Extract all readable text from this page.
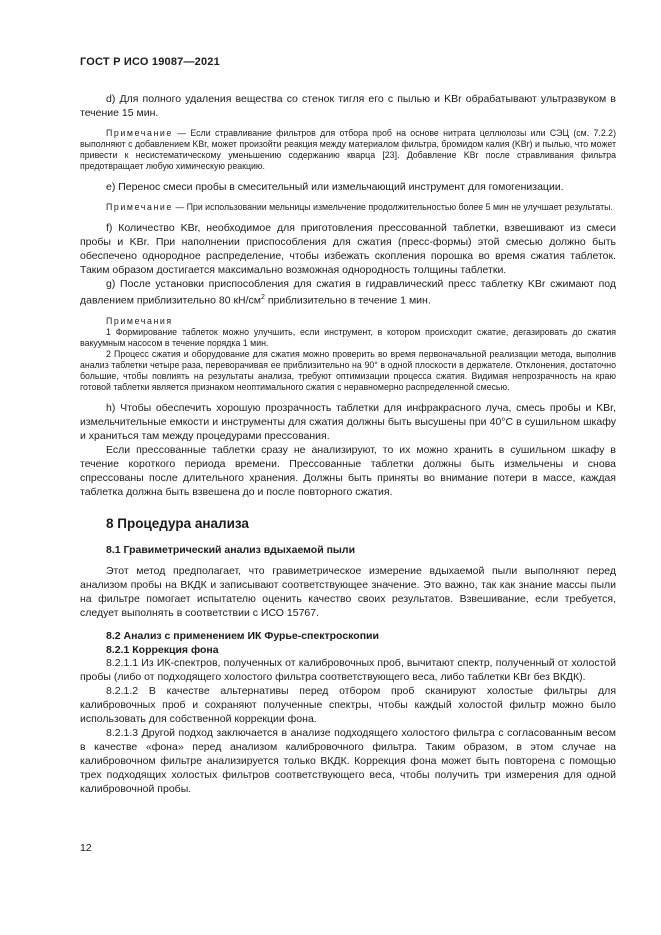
ГОСТ Р ИСО 19087—2021

d) Для полного удаления вещества со стенок тигля его с пылью и KBr обрабатывают ультразвуком в течение 15 мин.

Примечание — Если стравливание фильтров для отбора проб на основе нитрата целлюлозы или СЭЦ (см. 7.2.2) выполняют с добавлением KBr, может произойти реакция между материалом фильтра, бромидом калия (KBr) и пылью, что может привести к несистематическому уменьшению содержанию кварца [23]. Добавление KBr после стравливания фильтра предотвращает любую химическую реакцию.

e) Перенос смеси пробы в смесительный или измельчающий инструмент для гомогенизации.

Примечание — При использовании мельницы измельчение продолжительностью более 5 мин не улучшает результаты.

f) Количество KBr, необходимое для приготовления прессованной таблетки, взвешивают из смеси пробы и KBr. При наполнении приспособления для сжатия (пресс-формы) этой смесью должно быть обеспечено однородное распределение, чтобы избежать скопления порошка во время сжатия таблеток. Таким образом достигается максимально возможная однородность толщины таблетки.

g) После установки приспособления для сжатия в гидравлический пресс таблетку KBr сжимают под давлением приблизительно 80 $кН/см^2$ приблизительно в течение 1 мин.

Примечания

1 Формирование таблеток можно улучшить, если инструмент, в котором происходит сжатие, дегазировать до сжатия вакуумным насосом в течение порядка 1 мин.

2 Процесс сжатия и оборудование для сжатия можно проверить во время первоначальной реализации метода, выполнив анализ таблетки четыре раза, переворачивая ее приблизительно на 90° в одной плоскости в держателе. Отклонения, достаточно большие, чтобы повлиять на результаты анализа, требуют оптимизации процесса сжатия. Видимая непрозрачность на краю готовой таблетки является признаком неоптимального сжатия с неравномерно распределенной смесью.

h) Чтобы обеспечить хорошую прозрачность таблетки для инфракрасного луча, смесь пробы и KBr, измельчительные емкости и инструменты для сжатия должны быть высушены при 40°С в сушильном шкафу и храниться там между процедурами прессования.

Если прессованные таблетки сразу не анализируют, то их можно хранить в сушильном шкафу в течение короткого периода времени. Прессованные таблетки должны быть измельчены и снова спрессованы после длительного хранения. Должны быть приняты во внимание потери в массе, каждая таблетка должна быть взвешена до и после повторного сжатия.

8 Процедура анализа
8.1 Гравиметрический анализ вдыхаемой пыли

Этот метод предполагает, что гравиметрическое измерение вдыхаемой пыли выполняют перед анализом пробы на ВКДК и записывают соответствующее значение. Это важно, так как знание массы пыли на фильтре помогает испытателю оценить качество своих результатов. Взвешивание, если требуется, следует выполнять в соответствии с ИСО 15767.

8.2 Анализ с применением ИК Фурье-спектроскопии
8.2.1 Коррекция фона

8.2.1.1 Из ИК-спектров, полученных от калибровочных проб, вычитают спектр, полученный от холостой пробы (либо от подходящего холостого фильтра соответствующего веса, либо таблетки KBr без ВКДК).

8.2.1.2 В качестве альтернативы перед отбором проб сканируют холостые фильтры для калибровочных проб и сохраняют полученные спектры, чтобы каждый холостой фильтр можно было использовать для собственной коррекции фона.

8.2.1.3 Другой подход заключается в анализе подходящего холостого фильтра с согласованным весом в качестве «фона» перед анализом калибровочного фильтра. Таким образом, в этом случае на калибровочном фильтре анализируется только ВКДК. Коррекция фона может быть повторена с помощью трех подходящих холостых фильтров соответствующего веса, чтобы получить три измерения для одной калибровочной пробы.

12
